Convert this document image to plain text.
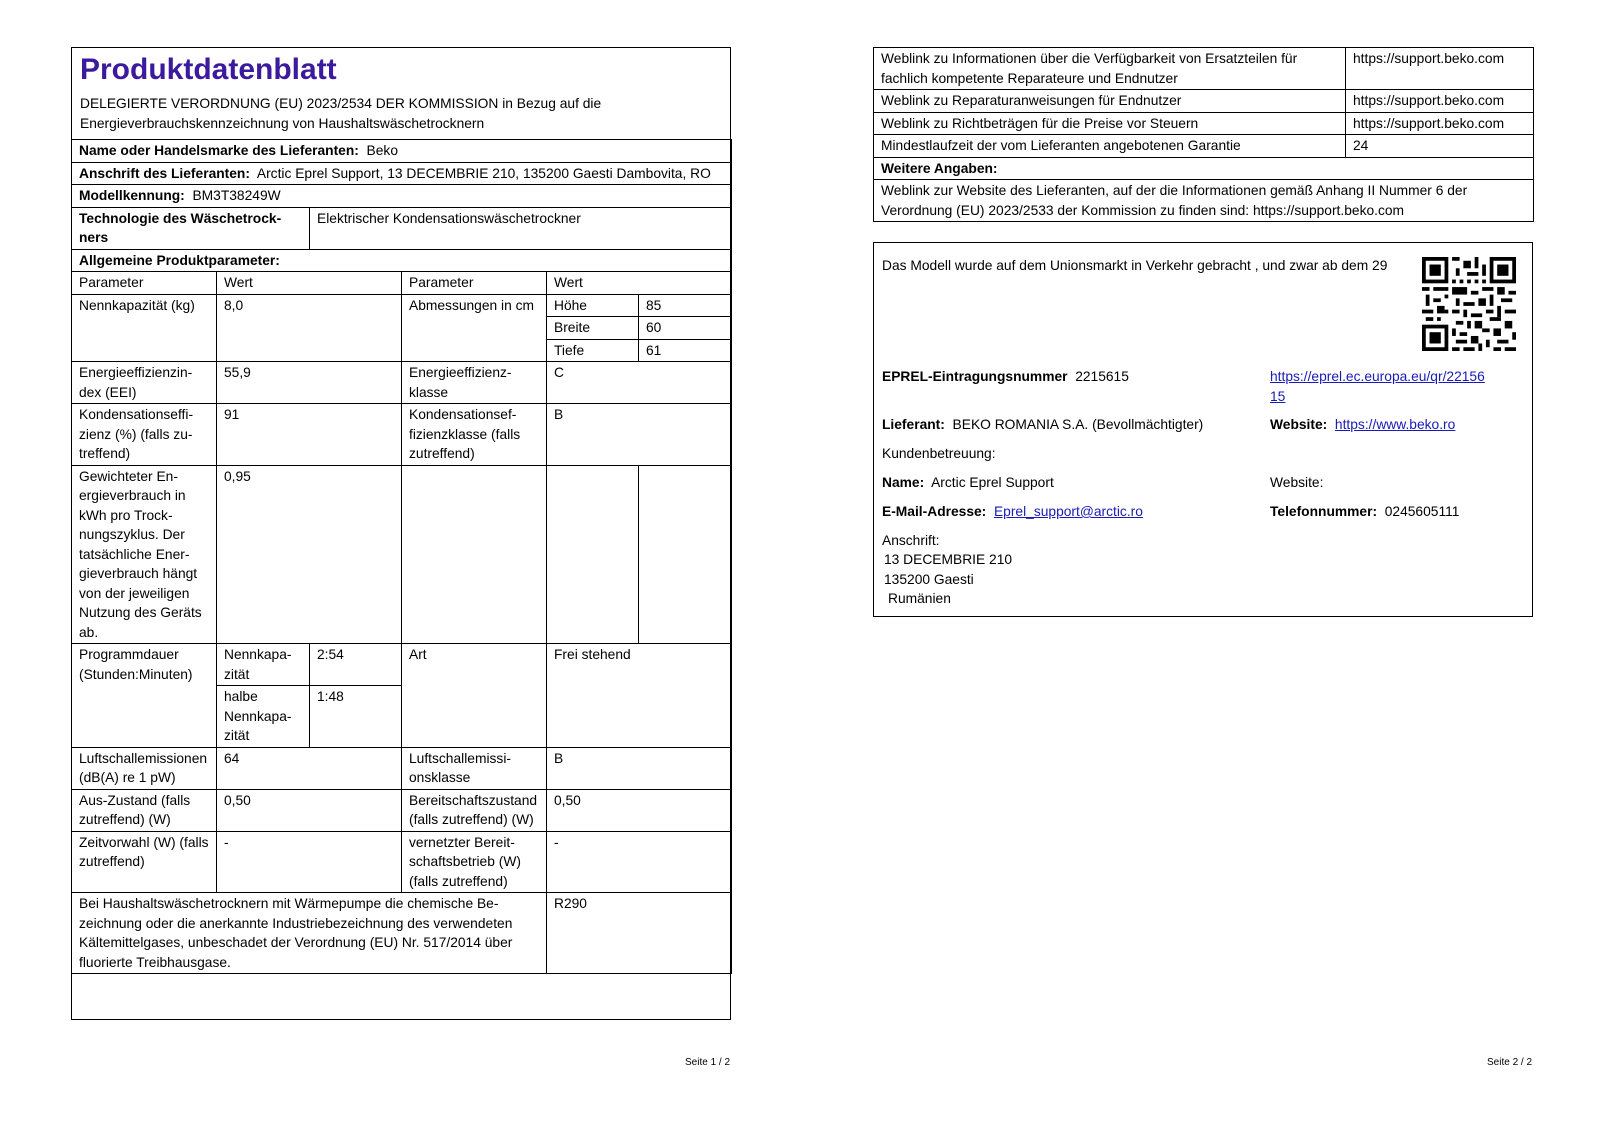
Produktdatenblatt
DELEGIERTE VERORDNUNG (EU) 2023/2534 DER KOMMISSION in Bezug auf die Energieverbrauchskennzeichnung von Haushaltswäschetrocknern
Name oder Handelsmarke des Lieferanten: Beko					
Anschrift des Lieferanten: Arctic Eprel Support, 13 DECEMBRIE 210, 135200 Gaesti Dambovita, RO					
Modellkennung: BM3T38249W					
Technologie des Wäschetrockners		Elektrischer Kondensationswäschetrockner			
Allgemeine Produktparameter:					
Parameter	Wert		Parameter	Wert	
Nennkapazität (kg)	8,0		Abmessungen in cm	Höhe	85
				Breite	60
				Tiefe	61
Energieeffizienzindex (EEI)	55,9		Energieeffizienzklasse	C	
Kondensationseffizienz (%) (falls zutreffend)	91		Kondensationseffizienzklasse (falls zutreffend)	B	
Gewichteter Energieverbrauch in kWh pro Trocknungszyklus. Der tatsächliche Energieverbrauch hängt von der jeweiligen Nutzung des Geräts ab.	0,95				
Programmdauer (Stunden:Minuten)	Nennkapazität	2:54	Art	Frei stehend	
	halbe Nennkapazität	1:48			
Luftschallemissionen (dB(A) re 1 pW)	64		Luftschallemissionsklasse	B	
Aus-Zustand (falls zutreffend) (W)	0,50		Bereitschaftszustand (falls zutreffend) (W)	0,50	
Zeitvorwahl (W) (falls zutreffend)	-		vernetzter Bereitschaftsbetrieb (W) (falls zutreffend)	-	
Bei Haushaltswäschetrocknern mit Wärmepumpe die chemische Bezeichnung oder die anerkannte Industriebezeichnung des verwendeten Kältemittelgases, unbeschadet der Verordnung (EU) Nr. 517/2014 über fluorierte Treibhausgase.				R290	
Seite 1 / 2
Weblink zu Informationen über die Verfügbarkeit von Ersatzteilen für fachlich kompetente Reparateure und Endnutzer	https://support.beko.com
Weblink zu Reparaturanweisungen für Endnutzer	https://support.beko.com
Weblink zu Richtbeträgen für die Preise vor Steuern	https://support.beko.com
Mindestlaufzeit der vom Lieferanten angebotenen Garantie	24
Weitere Angaben:	
Weblink zur Website des Lieferanten, auf der die Informationen gemäß Anhang II Nummer 6 der Verordnung (EU) 2023/2533 der Kommission zu finden sind: https://support.beko.com	
Das Modell wurde auf dem Unionsmarkt in Verkehr gebracht , und zwar ab dem 29
EPREL-Eintragungsnummer 2215615	https://eprel.ec.europa.eu/qr/2215615
Lieferant: BEKO ROMANIA S.A. (Bevollmächtigter)	Website: https://www.beko.ro
Kundenbetreuung:
Name: Arctic Eprel Support	Website:
E-Mail-Adresse: Eprel_support@arctic.ro	Telefonnummer: 0245605111
Anschrift:
13 DECEMBRIE 210
135200 Gaesti
Rumänien
Seite 2 / 2
